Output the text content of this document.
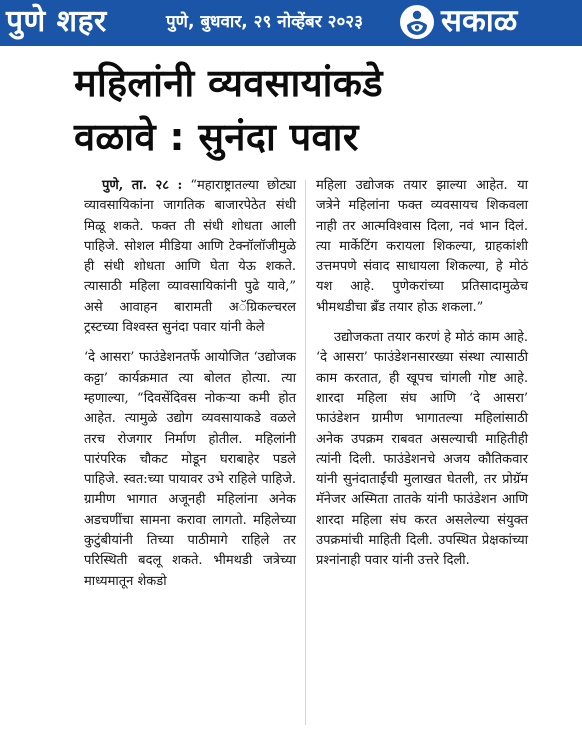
पुणे शहर	पुणे, बुधवार, २९ नोव्हेंबर २०२३	सकाळ
महिलांनी व्यवसायांकडे
वळावे : सुनंदा पवार

पुणे, ता. २८ : “महाराष्ट्रातल्या छोट्या व्यावसायिकांना जागतिक बाजारपेठेत संधी मिळू शकते. फक्त ती संधी शोधता आली पाहिजे. सोशल मीडिया आणि टेक्नॉलॉजीमुळे ही संधी शोधता आणि घेता येऊ शकते. त्यासाठी महिला व्यावसायिकांनी पुढे यावे,” असे आवाहन बारामती अॅग्रिकल्चरल ट्रस्टच्या विश्‍वस्त सुनंदा पवार यांनी केले

‘दे आसरा’ फाउंडेशनतर्फे आयोजित ‘उद्योजक कट्टा’ कार्यक्रमात त्या बोलत होत्या. त्या म्हणाल्या, “दिवसेंदिवस नोकऱ्या कमी होत आहेत. त्यामुळे उद्योग व्यवसायाकडे वळले तरच रोजगार निर्माण होतील. महिलांनी पारंपरिक चौकट मोडून घराबाहेर पडले पाहिजे. स्वत:च्या पायावर उभे राहिले पाहिजे. ग्रामीण भागात अजूनही महिलांना अनेक अडचणींचा सामना करावा लागतो. महिलेच्या कुटुंबीयांनी तिच्या पाठीमागे राहिले तर परिस्थिती बदलू शकते. भीमथडी जत्रेच्या माध्यमातून शेकडो

महिला उद्योजक तयार झाल्या आहेत. या जत्रेने महिलांना फक्त व्यवसायच शिकवला नाही तर आत्मविश्‍वास दिला, नवं भान दिलं. त्या मार्केटिंग करायला शिकल्या, ग्राहकांशी उत्तमपणे संवाद साधायला शिकल्या, हे मोठं यश आहे. पुणेकरांच्या प्रतिसादामुळेच भीमथडीचा ब्रॅंड तयार होऊ शकला.”

उद्योजकता तयार करणं हे मोठं काम आहे. ‘दे आसरा’ फाउंडेशनसारख्या संस्था त्यासाठी काम करतात, ही खूपच चांगली गोष्ट आहे. शारदा महिला संघ आणि ‘दे आसरा’ फाउंडेशन ग्रामीण भागातल्या महिलांसाठी अनेक उपक्रम राबवत असल्याची माहितीही त्यांनी दिली. फाउंडेशनचे अजय कौतिकवार यांनी सुनंदाताईंची मुलाखत घेतली, तर प्रोग्रॅम मॅनेजर अस्मिता तातके यांनी फाउंडेशन आणि शारदा महिला संघ करत असलेल्या संयुक्त उपक्रमांची माहिती दिली. उपस्थित प्रेक्षकांच्या प्रश्‍नांनाही पवार यांनी उत्तरे दिली.
